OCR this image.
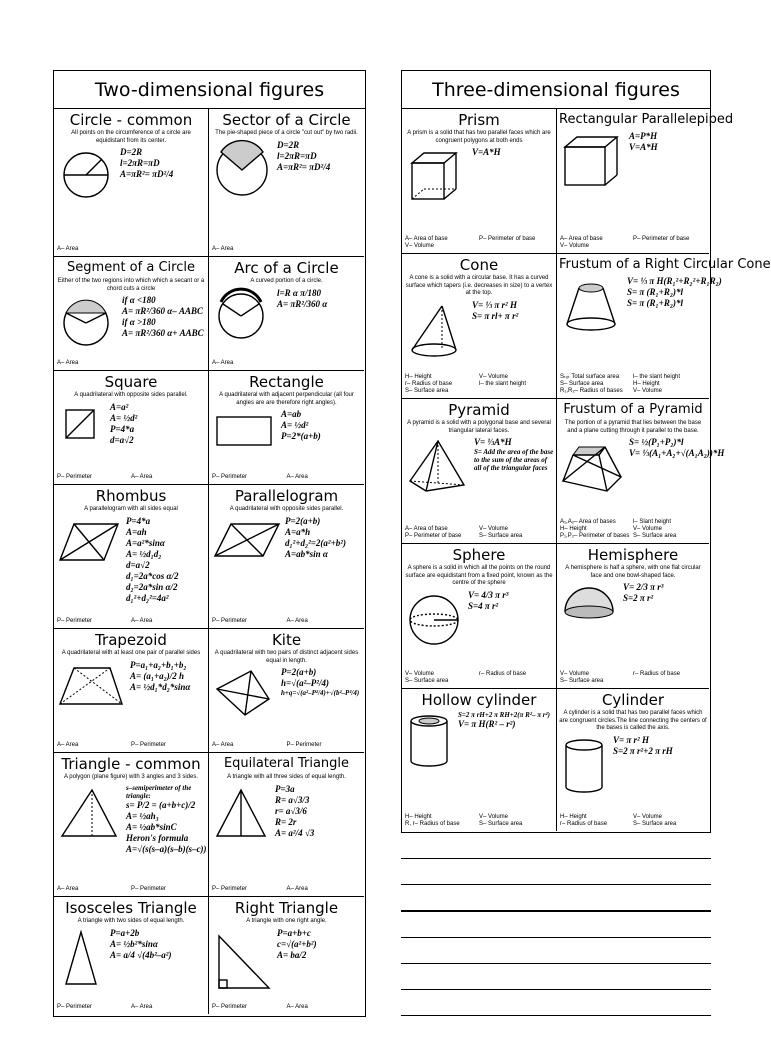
Two-dimensional figures
Circle - common
All points on the circumference of a circle are equidistant from its center.
D=2R
l=2πR=πD
A=πR²= πD²/4
A– Area
Sector of a Circle
The pie-shaped piece of a circle "cut out" by two radii.
D=2R
l=2πR=πD
A=πR²= πD²/4
A– Area
Segment of a Circle
Either of the two regions into which which a secant or a chord cuts a circle
if α <180
A= πR²/360 α– AABC
if α >180
A= πR²/360 α+ AABC
A– Area
Arc of a Circle
A curved portion of a circle.
l=R α π/180
A= πR²/360 α
A– Area
Square
A quadrilateral with opposite sides parallel.
A=a²
A= ½d²
P=4*a
d=a√2
P– Perimeter	A– Area
Rectangle
A quadrilateral with adjacent perpendicular (all four angles are are therefore right angles).
A=ab
A= ½d²
P=2*(a+b)
P– Perimeter	A– Area
Rhombus
A parallelogram with all sides equal
P=4*a
A=ah
A=a²*sinα
A= ½d₁d₂
d=a√2
d₁=2a*cos α/2
d₂=2a*sin α/2
d₁²+d₂²=4a²
P– Perimeter	A– Area
Parallelogram
A quadrilateral with opposite sides parallel.
P=2(a+b)
A=a*h
d₁²+d₂²=2(a²+b²)
A=ab*sin α
P– Perimeter	A– Area
Trapezoid
A quadrilateral with at least one pair of parallel sides
P=a₁+a₂+b₁+b₂
A= (a₁+a₂)/2 h
A= ½d₁*d₂*sinα
A– Area	P– Perimeter
Kite
A quadrilateral with two pairs of distinct adjacent sides equal in length.
P=2(a+b)
h=√(a²–P²/4)
h+q=√(a²–P²/4)+√(b²–P²/4)
A– Area	P– Perimeter
Triangle - common
A polygon (plane figure) with 3 angles and 3 sides.
s–semiperimeter of the triangle:
s= P/2 = (a+b+c)/2
A= ½ah₃
A= ½ab*sinC
Heron's formula
A=√(s(s–a)(s–b)(s–c))
A– Area	P– Perimeter
Equilateral Triangle
A triangle with all three sides of equal length.
P=3a
R= a√3/3
r= a√3/6
R= 2r
A= a²/4 √3
P– Perimeter	A– Area
Isosceles Triangle
A triangle with two sides of equal length.
P=a+2b
A= ½b²*sinα
A= a/4 √(4b²–a²)
P– Perimeter	A– Area
Right Triangle
A triangle with one right angle.
P=a+b+c
c=√(a²+b²)
A= ba/2
P– Perimeter	A– Area
Three-dimensional figures
Prism
A prism is a solid that has two parallel faces which are congruent polygons at both ends
V=A*H
A– Area of base	P– Perimeter of base
V– Volume
Rectangular Parallelepiped
A=P*H
V=A*H
A– Area of base	P– Perimeter of base
V– Volume
Cone
A cone is a solid with a circular base. It has a curved surface which tapers (i.e. decreases in size) to a vertex at the top.
V= ⅓ π r² H
S= π rl+ π r²
H– Height	V– Volume
r– Radius of base	l– the slant height
S– Surface area
Frustum of a Right Circular Cone
V= ⅓ π H(R₁²+R₂²+R₁R₂)
S= π (R₁+R₂)*l
S= π (R₁+R₂)*l
Sₜₒₜ Total surface area	l– the slant height
S– Surface area	H– Height
R₁,R₂– Radius of bases	V– Volume
Pyramid
A pyramid is a solid with a polygonal base and several triangular lateral faces.
V= ⅓A*H
S= Add the area of the base to the sum of the areas of all of the triangular faces
A– Area of base	V– Volume
P– Perimeter of base	S– Surface area
Frustum of a Pyramid
The portion of a pyramid that lies between the base and a plane cutting through it parallel to the base.
S= ½(P₁+P₂)*l
V= ⅓(A₁+A₂+√(A₁A₂))*H
A₁,A₂– Area of bases	l– Slant height
H– Height	V– Volume
P₁,P₂– Perimeter of bases S– Surface area
Sphere
A sphere is a solid in which all the points on the round surface are equidistant from a fixed point, known as the centre of the sphere
V= 4/3 π r³
S=4 π r²
V– Volume	r– Radius of base
S– Surface area
Hemisphere
A hemisphere is half a sphere, with one flat circular face and one bowl-shaped face.
V= 2/3 π r³
S=2 π r²
V– Volume	r– Radius of base
S– Surface area
Hollow cylinder
S=2 π rH+2 π RH+2(π R²– π r²)
V= π H(R² – r²)
H– Height	V– Volume
R, r– Radius of base	S– Surface area
Cylinder
A cylinder is a solid that has two parallel faces which are congruent circles.The line connecting the centers of the bases is called the axis.
V= π r² H
S=2 π r²+2 π rH
H– Height	V– Volume
r– Radius of base	S– Surface area
